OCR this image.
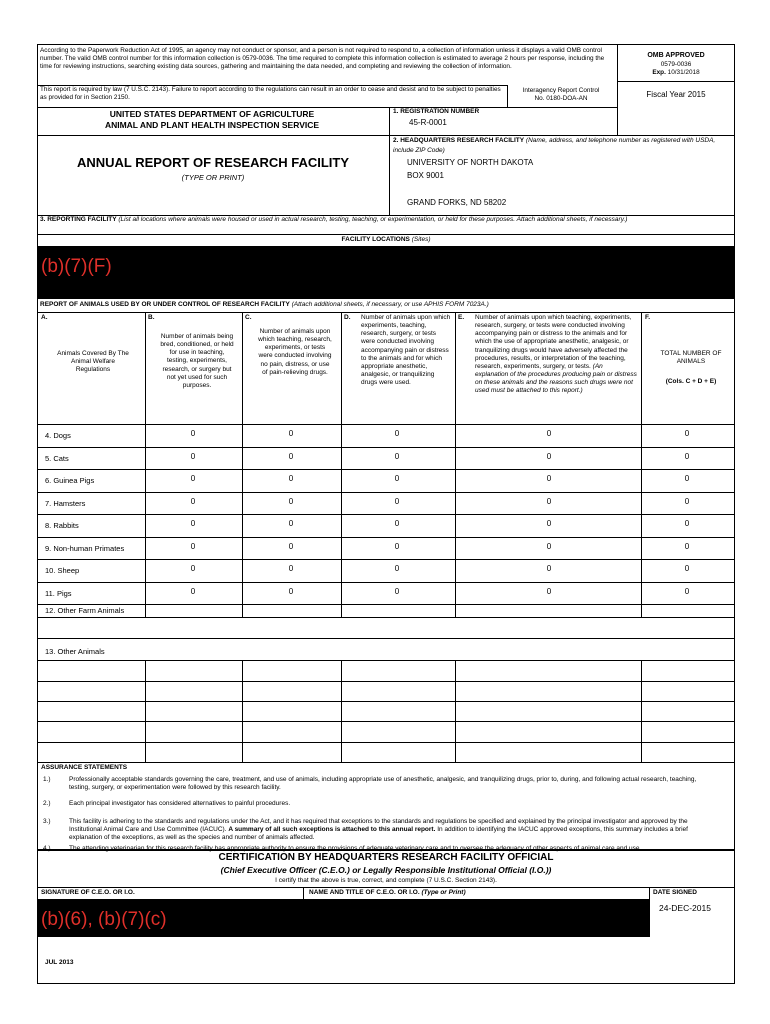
According to the Paperwork Reduction Act of 1995, an agency may not conduct or sponsor, and a person is not required to respond to, a collection of information unless it displays a valid OMB control number. The valid OMB control number for this information collection is 0579-0036. The time required to complete this information collection is estimated to average 2 hours per response, including the time for reviewing instructions, searching existing data sources, gathering and maintaining the data needed, and completing and reviewing the collection of information.
This report is required by law (7 U.S.C. 2143). Failure to report according to the regulations can result in an order to cease and desist and to be subject to penalties as provided for in Section 2150.
Interagency Report Control
No. 0180-DOA-AN
OMB APPROVED
0579-0036
Exp. 10/31/2018
Fiscal Year 2015
UNITED STATES DEPARTMENT OF AGRICULTURE
ANIMAL AND PLANT HEALTH INSPECTION SERVICE
1. REGISTRATION NUMBER
45-R-0001
2. HEADQUARTERS RESEARCH FACILITY (Name, address, and telephone number as registered with USDA, include ZIP Code)
ANNUAL REPORT OF RESEARCH FACILITY
(TYPE OR PRINT)
UNIVERSITY OF NORTH DAKOTA
BOX 9001
GRAND FORKS, ND 58202
3. REPORTING FACILITY (List all locations where animals were housed or used in actual research, testing, teaching, or experimentation, or held for these purposes. Attach additional sheets, if necessary.)
FACILITY LOCATIONS (Sites)
(b)(7)(F)
REPORT OF ANIMALS USED BY OR UNDER CONTROL OF RESEARCH FACILITY (Attach additional sheets, if necessary, or use APHIS FORM 7023A.)
A.
Animals Covered By The Animal Welfare Regulations
B.
Number of animals being bred, conditioned, or held for use in teaching, testing, experiments, research, or surgery but not yet used for such purposes.
C.
Number of animals upon which teaching, research, experiments, or tests were conducted involving no pain, distress, or use of pain-relieving drugs.
D. Number of animals upon which experiments, teaching, research, surgery, or tests were conducted involving accompanying pain or distress to the animals and for which appropriate anesthetic, analgesic, or tranquilizing drugs were used.
E. Number of animals upon which teaching, experiments, research, surgery, or tests were conducted involving accompanying pain or distress to the animals and for which the use of appropriate anesthetic, analgesic, or tranquilizing drugs would have adversely affected the procedures, results, or interpretation of the teaching, research, experiments, surgery, or tests. (An explanation of the procedures producing pain or distress on these animals and the reasons such drugs were not used must be attached to this report.)
F.
TOTAL NUMBER OF ANIMALS
(Cols. C + D + E)
4. Dogs	0	0	0	0	0
5. Cats	0	0	0	0	0
6. Guinea Pigs	0	0	0	0	0
7. Hamsters	0	0	0	0	0
8. Rabbits	0	0	0	0	0
9. Non-human Primates	0	0	0	0	0
10. Sheep	0	0	0	0	0
11. Pigs	0	0	0	0	0
12. Other Farm Animals
13. Other Animals
ASSURANCE STATEMENTS
1.)	Professionally acceptable standards governing the care, treatment, and use of animals, including appropriate use of anesthetic, analgesic, and tranquilizing drugs, prior to, during, and following actual research, teaching, testing, surgery, or experimentation were followed by this research facility.
2.)	Each principal investigator has considered alternatives to painful procedures.
3.)	This facility is adhering to the standards and regulations under the Act, and it has required that exceptions to the standards and regulations be specified and explained by the principal investigator and approved by the Institutional Animal Care and Use Committee (IACUC). A summary of all such exceptions is attached to this annual report. In addition to identifying the IACUC approved exceptions, this summary includes a brief explanation of the exceptions, as well as the species and number of animals affected.
4.)	The attending veterinarian for this research facility has appropriate authority to ensure the provisions of adequate veterinary care and to oversee the adequacy of other aspects of animal care and use.
CERTIFICATION BY HEADQUARTERS RESEARCH FACILITY OFFICIAL
(Chief Executive Officer (C.E.O.) or Legally Responsible Institutional Official (I.O.))
I certify that the above is true, correct, and complete (7 U.S.C. Section 2143).
SIGNATURE OF C.E.O. OR I.O.	NAME AND TITLE OF C.E.O. OR I.O. (Type or Print)	DATE SIGNED
24-DEC-2015
(b)(6), (b)(7)(c)
JUL 2013
